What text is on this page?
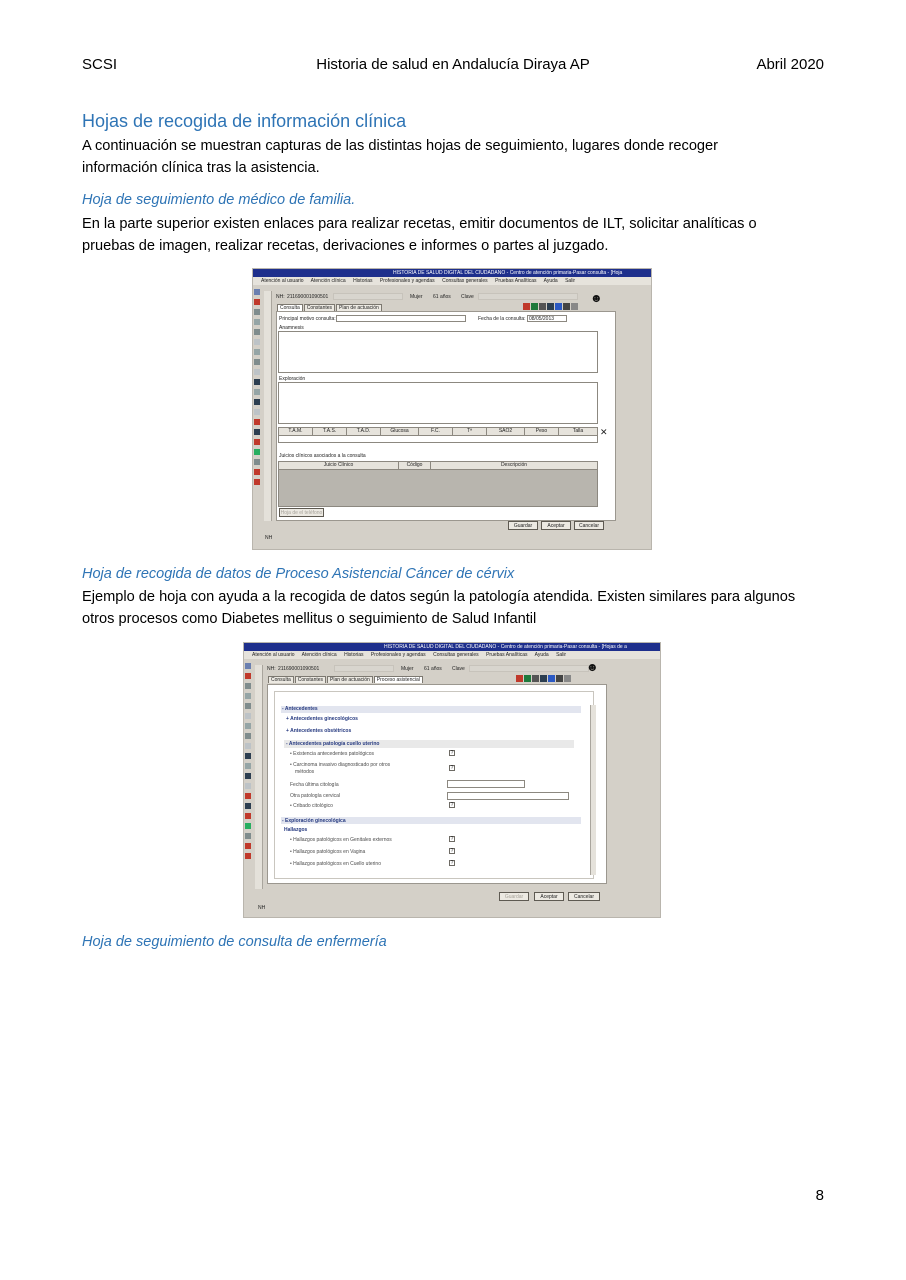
SCSI	Historia de salud en Andalucía Diraya AP	Abril 2020
Hojas de recogida de información clínica
A continuación se muestran capturas de las distintas hojas de seguimiento, lugares donde recoger
información clínica tras la asistencia.
Hoja de seguimiento de médico de familia.
En la parte superior existen enlaces para realizar recetas, emitir documentos de ILT, solicitar analíticas o
pruebas de imagen, realizar recetas, derivaciones e informes o partes al juzgado.
HISTORIA DE SALUD DIGITAL DEL CIUDADANO - Centro de atención primaria-Pasar consulta - [Hoja
Atención al usuario Atención clínica Historias Profesionales y agendas Consultas generales Pruebas Analíticas Ayuda Salir
NH: 211690001090501	Mujer 61 años Clave	☻
Consulta Constantes Plan de actuación
Principal motivo consulta:	Fecha de la consulta: 08/05/2013
Anamnesis
Exploración
T.A.M.	T.A.S.	T.A.D.	Glucosa	F.C.	Tª	SAO2	Peso	Talla
Juicios clínicos asociados a la consulta
Juicio Clínico	Código	Descripción
Hoja de el teléfono
Guardar	Aceptar	Cancelar
NH
✕
Hoja de recogida de datos de Proceso Asistencial Cáncer de cérvix
Ejemplo de hoja con ayuda a la recogida de datos según la patología atendida. Existen similares para algunos
otros procesos como Diabetes mellitus o seguimiento de Salud Infantil
HISTORIA DE SALUD DIGITAL DEL CIUDADANO - Centro de atención primaria-Pasar consulta - [Hojas de a
Atención al usuario Atención clínica Historias Profesionales y agendas Consultas generales Pruebas Analíticas Ayuda Salir
NH: 211690001090501	Mujer 61 años Clave	☻
Consulta Constantes Plan de actuación Proceso asistencial
- Antecedentes
+ Antecedentes ginecológicos
+ Antecedentes obstétricos
- Antecedentes patología cuello uterino
• Existencia antecedentes patológicos	?
• Carcinoma invasivo diagnosticado por otros
métodos
?
Fecha última citología
Otra patología cervical
• Cribado citológico	?
- Exploración ginecológica
Hallazgos
• Hallazgos patológicos en Genitales externos	?
• Hallazgos patológicos en Vagina	?
• Hallazgos patológicos en Cuello uterino	?
Guardar	Aceptar	Cancelar
NH
Hoja de seguimiento de consulta de enfermería
8
